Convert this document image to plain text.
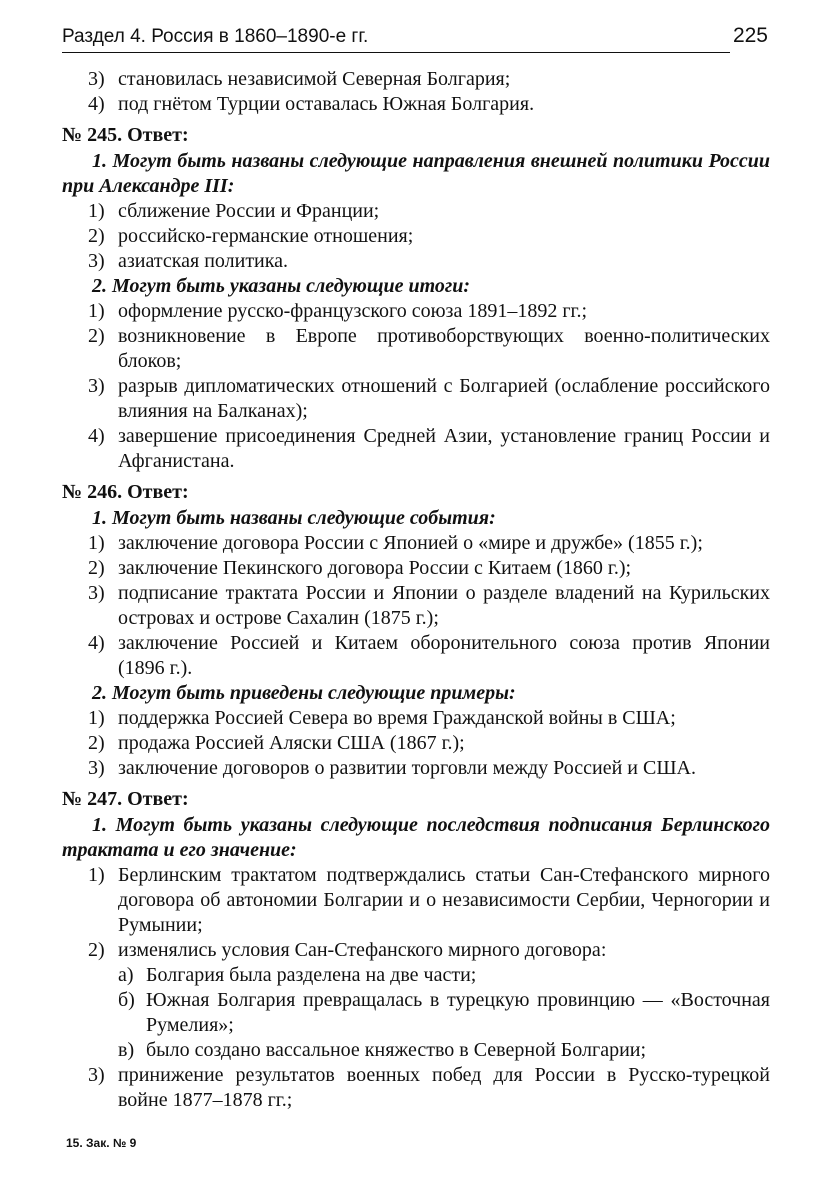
Раздел 4. Россия в 1860–1890-е гг.	225
3) становилась независимой Северная Болгария;
4) под гнётом Турции оставалась Южная Болгария.
№ 245. Ответ:
1. Могут быть названы следующие направления внешней политики России при Александре III:
1) сближение России и Франции;
2) российско-германские отношения;
3) азиатская политика.
2. Могут быть указаны следующие итоги:
1) оформление русско-французского союза 1891–1892 гг.;
2) возникновение в Европе противоборствующих военно-политических блоков;
3) разрыв дипломатических отношений с Болгарией (ослабление российского влияния на Балканах);
4) завершение присоединения Средней Азии, установление границ России и Афганистана.
№ 246. Ответ:
1. Могут быть названы следующие события:
1) заключение договора России с Японией о «мире и дружбе» (1855 г.);
2) заключение Пекинского договора России с Китаем (1860 г.);
3) подписание трактата России и Японии о разделе владений на Курильских островах и острове Сахалин (1875 г.);
4) заключение Россией и Китаем оборонительного союза против Японии (1896 г.).
2. Могут быть приведены следующие примеры:
1) поддержка Россией Севера во время Гражданской войны в США;
2) продажа Россией Аляски США (1867 г.);
3) заключение договоров о развитии торговли между Россией и США.
№ 247. Ответ:
1. Могут быть указаны следующие последствия подписания Берлинского трактата и его значение:
1) Берлинским трактатом подтверждались статьи Сан-Стефанского мирного договора об автономии Болгарии и о независимости Сербии, Черногории и Румынии;
2) изменялись условия Сан-Стефанского мирного договора:
а) Болгария была разделена на две части;
б) Южная Болгария превращалась в турецкую провинцию — «Восточная Румелия»;
в) было создано вассальное княжество в Северной Болгарии;
3) принижение результатов военных побед для России в Русско-турецкой войне 1877–1878 гг.;
15. Зак. № 9
